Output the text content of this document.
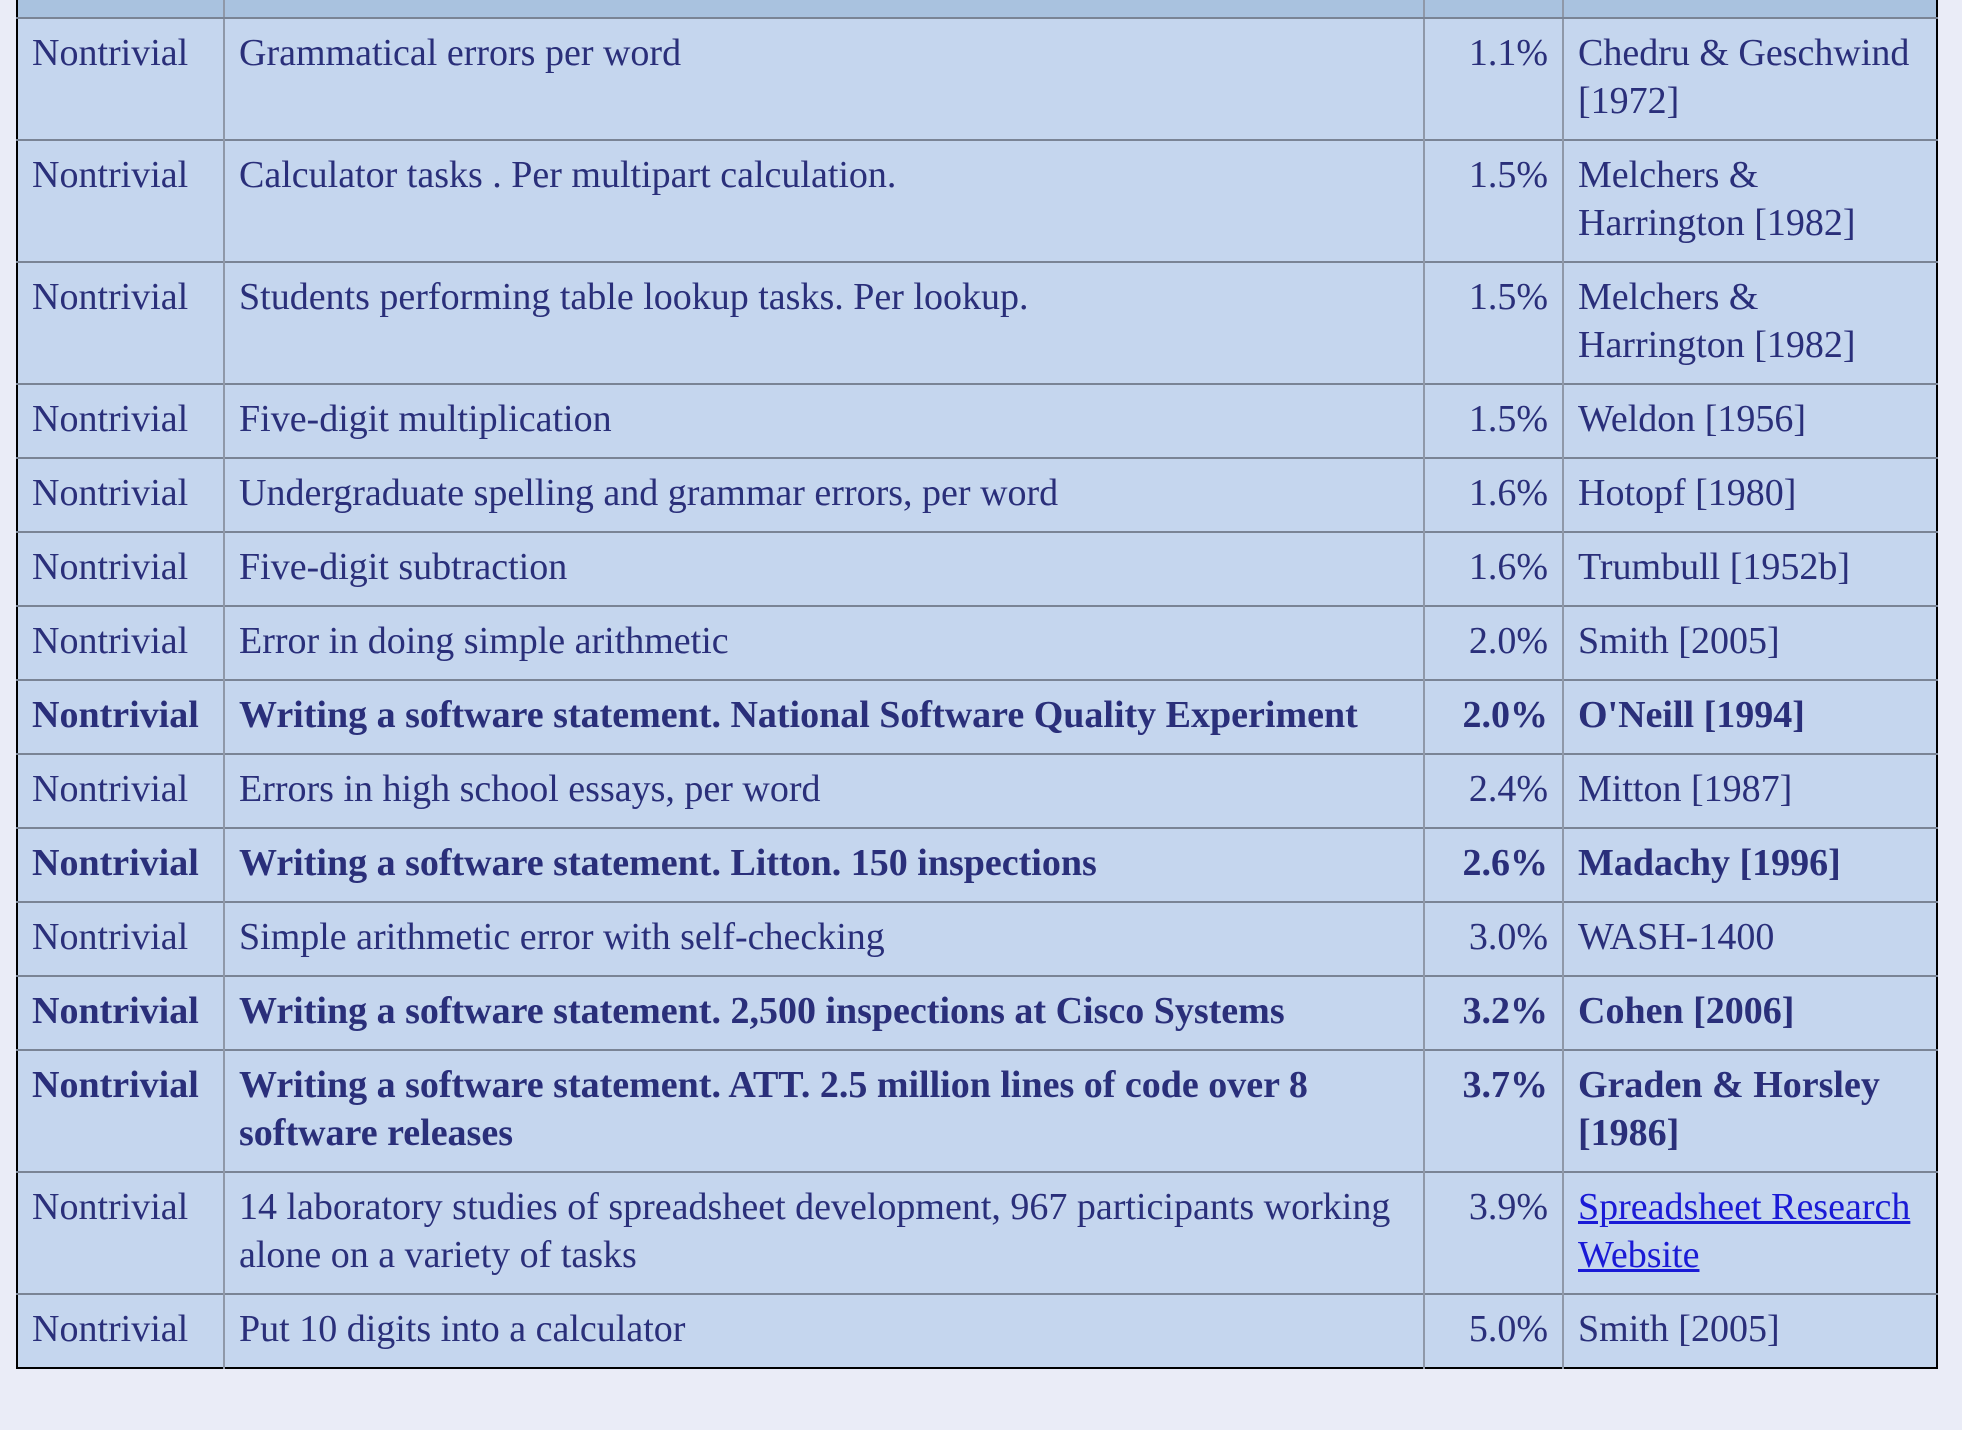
Nontrivial	Grammatical errors per word	1.1%	Chedru & Geschwind [1972]
Nontrivial	Calculator tasks . Per multipart calculation.	1.5%	Melchers & Harrington [1982]
Nontrivial	Students performing table lookup tasks. Per lookup.	1.5%	Melchers & Harrington [1982]
Nontrivial	Five-digit multiplication	1.5%	Weldon [1956]
Nontrivial	Undergraduate spelling and grammar errors, per word	1.6%	Hotopf [1980]
Nontrivial	Five-digit subtraction	1.6%	Trumbull [1952b]
Nontrivial	Error in doing simple arithmetic	2.0%	Smith [2005]
Nontrivial	Writing a software statement. National Software Quality Experiment	2.0%	O'Neill [1994]
Nontrivial	Errors in high school essays, per word	2.4%	Mitton [1987]
Nontrivial	Writing a software statement. Litton. 150 inspections	2.6%	Madachy [1996]
Nontrivial	Simple arithmetic error with self-checking	3.0%	WASH-1400
Nontrivial	Writing a software statement. 2,500 inspections at Cisco Systems	3.2%	Cohen [2006]
Nontrivial	Writing a software statement. ATT. 2.5 million lines of code over 8 software releases	3.7%	Graden & Horsley [1986]
Nontrivial	14 laboratory studies of spreadsheet development, 967 participants working alone on a variety of tasks	3.9%	Spreadsheet Research Website
Nontrivial	Put 10 digits into a calculator	5.0%	Smith [2005]
